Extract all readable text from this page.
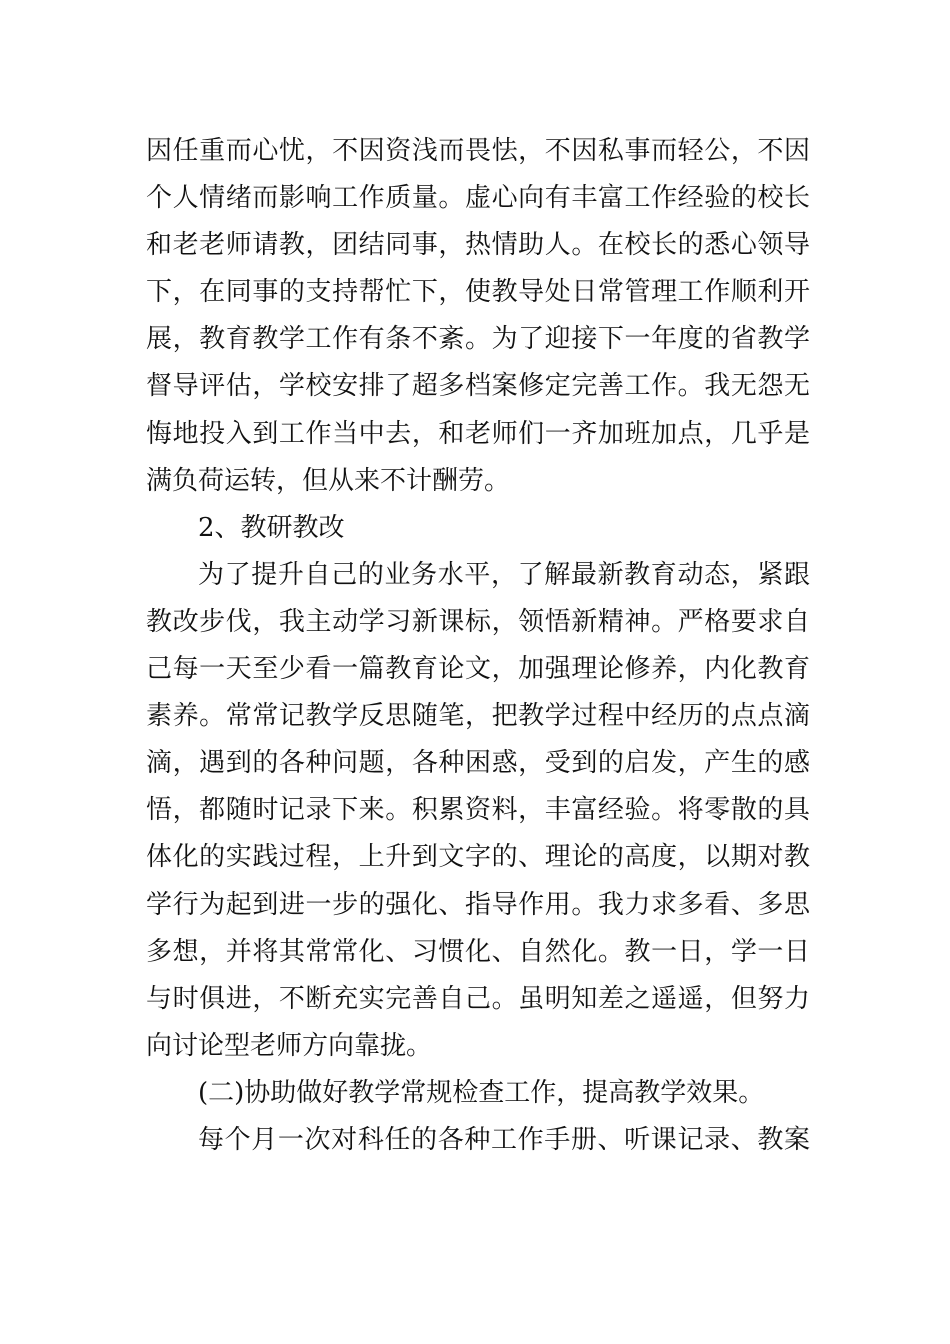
因任重而心忧，不因资浅而畏怯，不因私事而轻公，不因
个人情绪而影响工作质量。虚心向有丰富工作经验的校长
和老老师请教，团结同事，热情助人。在校长的悉心领导
下，在同事的支持帮忙下，使教导处日常管理工作顺利开
展，教育教学工作有条不紊。为了迎接下一年度的省教学
督导评估，学校安排了超多档案修定完善工作。我无怨无
悔地投入到工作当中去，和老师们一齐加班加点，几乎是
满负荷运转，但从来不计酬劳。
2、教研教改
为了提升自己的业务水平，了解最新教育动态，紧跟
教改步伐，我主动学习新课标，领悟新精神。严格要求自
己每一天至少看一篇教育论文，加强理论修养，内化教育
素养。常常记教学反思随笔，把教学过程中经历的点点滴
滴，遇到的各种问题，各种困惑，受到的启发，产生的感
悟，都随时记录下来。积累资料，丰富经验。将零散的具
体化的实践过程，上升到文字的、理论的高度，以期对教
学行为起到进一步的强化、指导作用。我力求多看、多思
多想，并将其常常化、习惯化、自然化。教一日，学一日
与时俱进，不断充实完善自己。虽明知差之遥遥，但努力
向讨论型老师方向靠拢。
(二)协助做好教学常规检查工作，提高教学效果。
每个月一次对科任的各种工作手册、听课记录、教案
